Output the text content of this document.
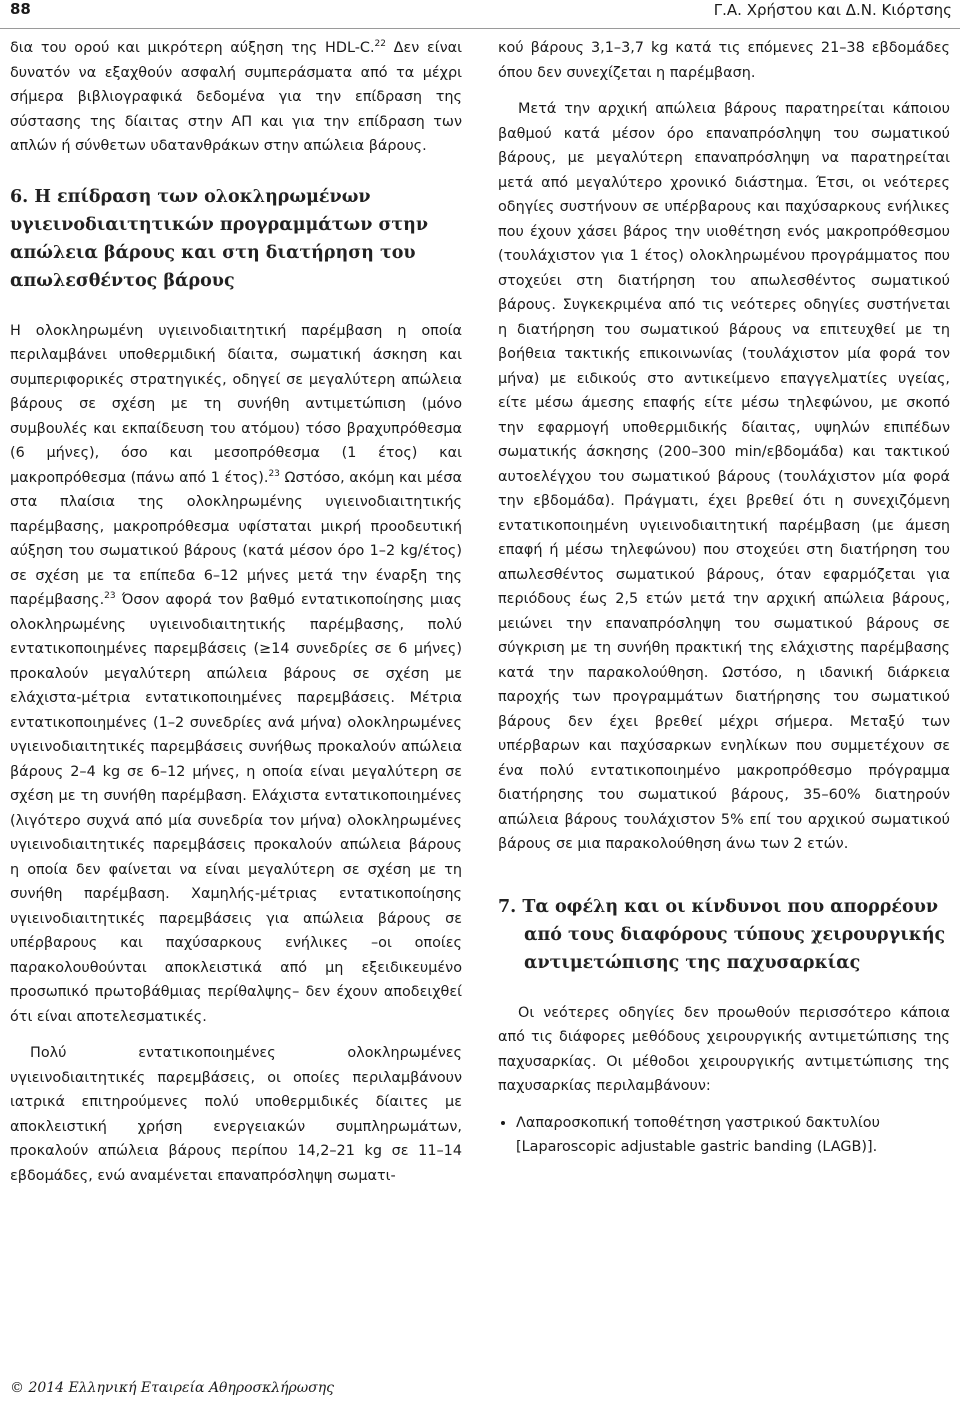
88	Γ.Α. Χρήστου και Δ.Ν. Κιόρτσης

δια του ορού και μικρότερη αύξηση της HDL-C.$^{22}$ Δεν είναι δυνατόν να εξαχθούν ασφαλή συμπεράσματα από τα μέχρι σήμερα βιβλιογραφικά δεδομένα για την επίδραση της σύστασης της δίαιτας στην ΑΠ και για την επίδραση των απλών ή σύνθετων υδατανθράκων στην απώλεια βάρους.

6. Η επίδραση των ολοκληρωμένων υγιεινοδιαιτητικών προγραμμάτων στην απώλεια βάρους και στη διατήρηση του απωλεσθέντος βάρους

Η ολοκληρωμένη υγιεινοδιαιτητική παρέμβαση η οποία περιλαμβάνει υποθερμιδική δίαιτα, σωματική άσκηση και συμπεριφορικές στρατηγικές, οδηγεί σε μεγαλύτερη απώλεια βάρους σε σχέση με τη συνήθη αντιμετώπιση (μόνο συμβουλές και εκπαίδευση του ατόμου) τόσο βραχυπρόθεσμα (6 μήνες), όσο και μεσοπρόθεσμα (1 έτος) και μακροπρόθεσμα (πάνω από 1 έτος).$^{23}$ Ωστόσο, ακόμη και μέσα στα πλαίσια της ολοκληρωμένης υγιεινοδιαιτητικής παρέμβασης, μακροπρόθεσμα υφίσταται μικρή προοδευτική αύξηση του σωματικού βάρους (κατά μέσον όρο 1–2 kg/έτος) σε σχέση με τα επίπεδα 6–12 μήνες μετά την έναρξη της παρέμβασης.$^{23}$ Όσον αφορά τον βαθμό εντατικοποίησης μιας ολοκληρωμένης υγιεινοδιαιτητικής παρέμβασης, πολύ εντατικοποιημένες παρεμβάσεις (≥14 συνεδρίες σε 6 μήνες) προκαλούν μεγαλύτερη απώλεια βάρους σε σχέση με ελάχιστα-μέτρια εντατικοποιημένες παρεμβάσεις. Μέτρια εντατικοποιημένες (1–2 συνεδρίες ανά μήνα) ολοκληρωμένες υγιεινοδιαιτητικές παρεμβάσεις συνήθως προκαλούν απώλεια βάρους 2–4 kg σε 6–12 μήνες, η οποία είναι μεγαλύτερη σε σχέση με τη συνήθη παρέμβαση. Ελάχιστα εντατικοποιημένες (λιγότερο συχνά από μία συνεδρία τον μήνα) ολοκληρωμένες υγιεινοδιαιτητικές παρεμβάσεις προκαλούν απώλεια βάρους η οποία δεν φαίνεται να είναι μεγαλύτερη σε σχέση με τη συνήθη παρέμβαση. Χαμηλής-μέτριας εντατικοποίησης υγιεινοδιαιτητικές παρεμβάσεις για απώλεια βάρους σε υπέρβαρους και παχύσαρκους ενήλικες –οι οποίες παρακολουθούνται αποκλειστικά από μη εξειδικευμένο προσωπικό πρωτοβάθμιας περίθαλψης– δεν έχουν αποδειχθεί ότι είναι αποτελεσματικές.

Πολύ εντατικοποιημένες ολοκληρωμένες υγιεινοδιαιτητικές παρεμβάσεις, οι οποίες περιλαμβάνουν ιατρικά επιτηρούμενες πολύ υποθερμιδικές δίαιτες με αποκλειστική χρήση ενεργειακών συμπληρωμάτων, προκαλούν απώλεια βάρους περίπου 14,2–21 kg σε 11–14 εβδομάδες, ενώ αναμένεται επαναπρόσληψη σωματι-

κού βάρους 3,1–3,7 kg κατά τις επόμενες 21–38 εβδομάδες όπου δεν συνεχίζεται η παρέμβαση.

Μετά την αρχική απώλεια βάρους παρατηρείται κάποιου βαθμού κατά μέσον όρο επαναπρόσληψη του σωματικού βάρους, με μεγαλύτερη επαναπρόσληψη να παρατηρείται μετά από μεγαλύτερο χρονικό διάστημα. Έτσι, οι νεότερες οδηγίες συστήνουν σε υπέρβαρους και παχύσαρκους ενήλικες που έχουν χάσει βάρος την υιοθέτηση ενός μακροπρόθεσμου (τουλάχιστον για 1 έτος) ολοκληρωμένου προγράμματος που στοχεύει στη διατήρηση του απωλεσθέντος σωματικού βάρους. Συγκεκριμένα από τις νεότερες οδηγίες συστήνεται η διατήρηση του σωματικού βάρους να επιτευχθεί με τη βοήθεια τακτικής επικοινωνίας (τουλάχιστον μία φορά τον μήνα) με ειδικούς στο αντικείμενο επαγγελματίες υγείας, είτε μέσω άμεσης επαφής είτε μέσω τηλεφώνου, με σκοπό την εφαρμογή υποθερμιδικής δίαιτας, υψηλών επιπέδων σωματικής άσκησης (200–300 min/εβδομάδα) και τακτικού αυτοελέγχου του σωματικού βάρους (τουλάχιστον μία φορά την εβδομάδα). Πράγματι, έχει βρεθεί ότι η συνεχιζόμενη εντατικοποιημένη υγιεινοδιαιτητική παρέμβαση (με άμεση επαφή ή μέσω τηλεφώνου) που στοχεύει στη διατήρηση του απωλεσθέντος σωματικού βάρους, όταν εφαρμόζεται για περιόδους έως 2,5 ετών μετά την αρχική απώλεια βάρους, μειώνει την επαναπρόσληψη του σωματικού βάρους σε σύγκριση με τη συνήθη πρακτική της ελάχιστης παρέμβασης κατά την παρακολούθηση. Ωστόσο, η ιδανική διάρκεια παροχής των προγραμμάτων διατήρησης του σωματικού βάρους δεν έχει βρεθεί μέχρι σήμερα. Μεταξύ των υπέρβαρων και παχύσαρκων ενηλίκων που συμμετέχουν σε ένα πολύ εντατικοποιημένο μακροπρόθεσμο πρόγραμμα διατήρησης του σωματικού βάρους, 35–60% διατηρούν απώλεια βάρους τουλάχιστον 5% επί του αρχικού σωματικού βάρους σε μια παρακολούθηση άνω των 2 ετών.

7. Τα οφέλη και οι κίνδυνοι που απορρέουν από τους διαφόρους τύπους χειρουργικής αντιμετώπισης της παχυσαρκίας

Οι νεότερες οδηγίες δεν προωθούν περισσότερο κάποια από τις διάφορες μεθόδους χειρουργικής αντιμετώπισης της παχυσαρκίας. Οι μέθοδοι χειρουργικής αντιμετώπισης της παχυσαρκίας περιλαμβάνουν:

• Λαπαροσκοπική τοποθέτηση γαστρικού δακτυλίου [Laparoscopic adjustable gastric banding (LAGB)].
© 2014 Ελληνική Εταιρεία Αθηροσκλήρωσης
